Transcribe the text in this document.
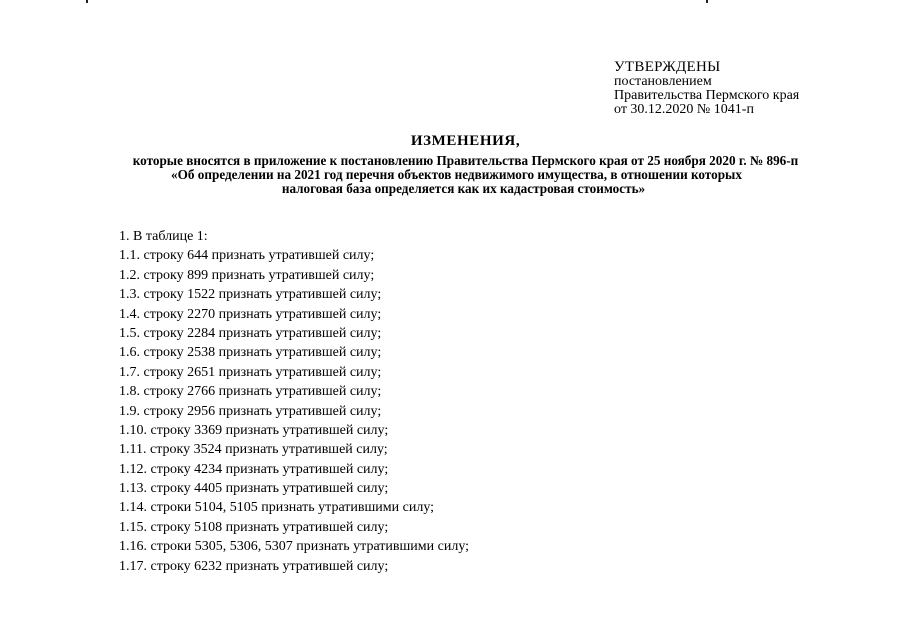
УТВЕРЖДЕНЫ
постановлением
Правительства Пермского края
от 30.12.2020 № 1041-п
ИЗМЕНЕНИЯ,
которые вносятся в приложение к постановлению Правительства Пермского края от 25 ноября 2020 г. № 896-п
«Об определении на 2021 год перечня объектов недвижимого имущества, в отношении которых
налоговая база определяется как их кадастровая стоимость»
1. В таблице 1:
1.1. строку 644 признать утратившей силу;
1.2. строку 899 признать утратившей силу;
1.3. строку 1522 признать утратившей силу;
1.4. строку 2270 признать утратившей силу;
1.5. строку 2284 признать утратившей силу;
1.6. строку 2538 признать утратившей силу;
1.7. строку 2651 признать утратившей силу;
1.8. строку 2766 признать утратившей силу;
1.9. строку 2956 признать утратившей силу;
1.10. строку 3369 признать утратившей силу;
1.11. строку 3524 признать утратившей силу;
1.12. строку 4234 признать утратившей силу;
1.13. строку 4405 признать утратившей силу;
1.14. строки 5104, 5105 признать утратившими силу;
1.15. строку 5108 признать утратившей силу;
1.16. строки 5305, 5306, 5307 признать утратившими силу;
1.17. строку 6232 признать утратившей силу;
